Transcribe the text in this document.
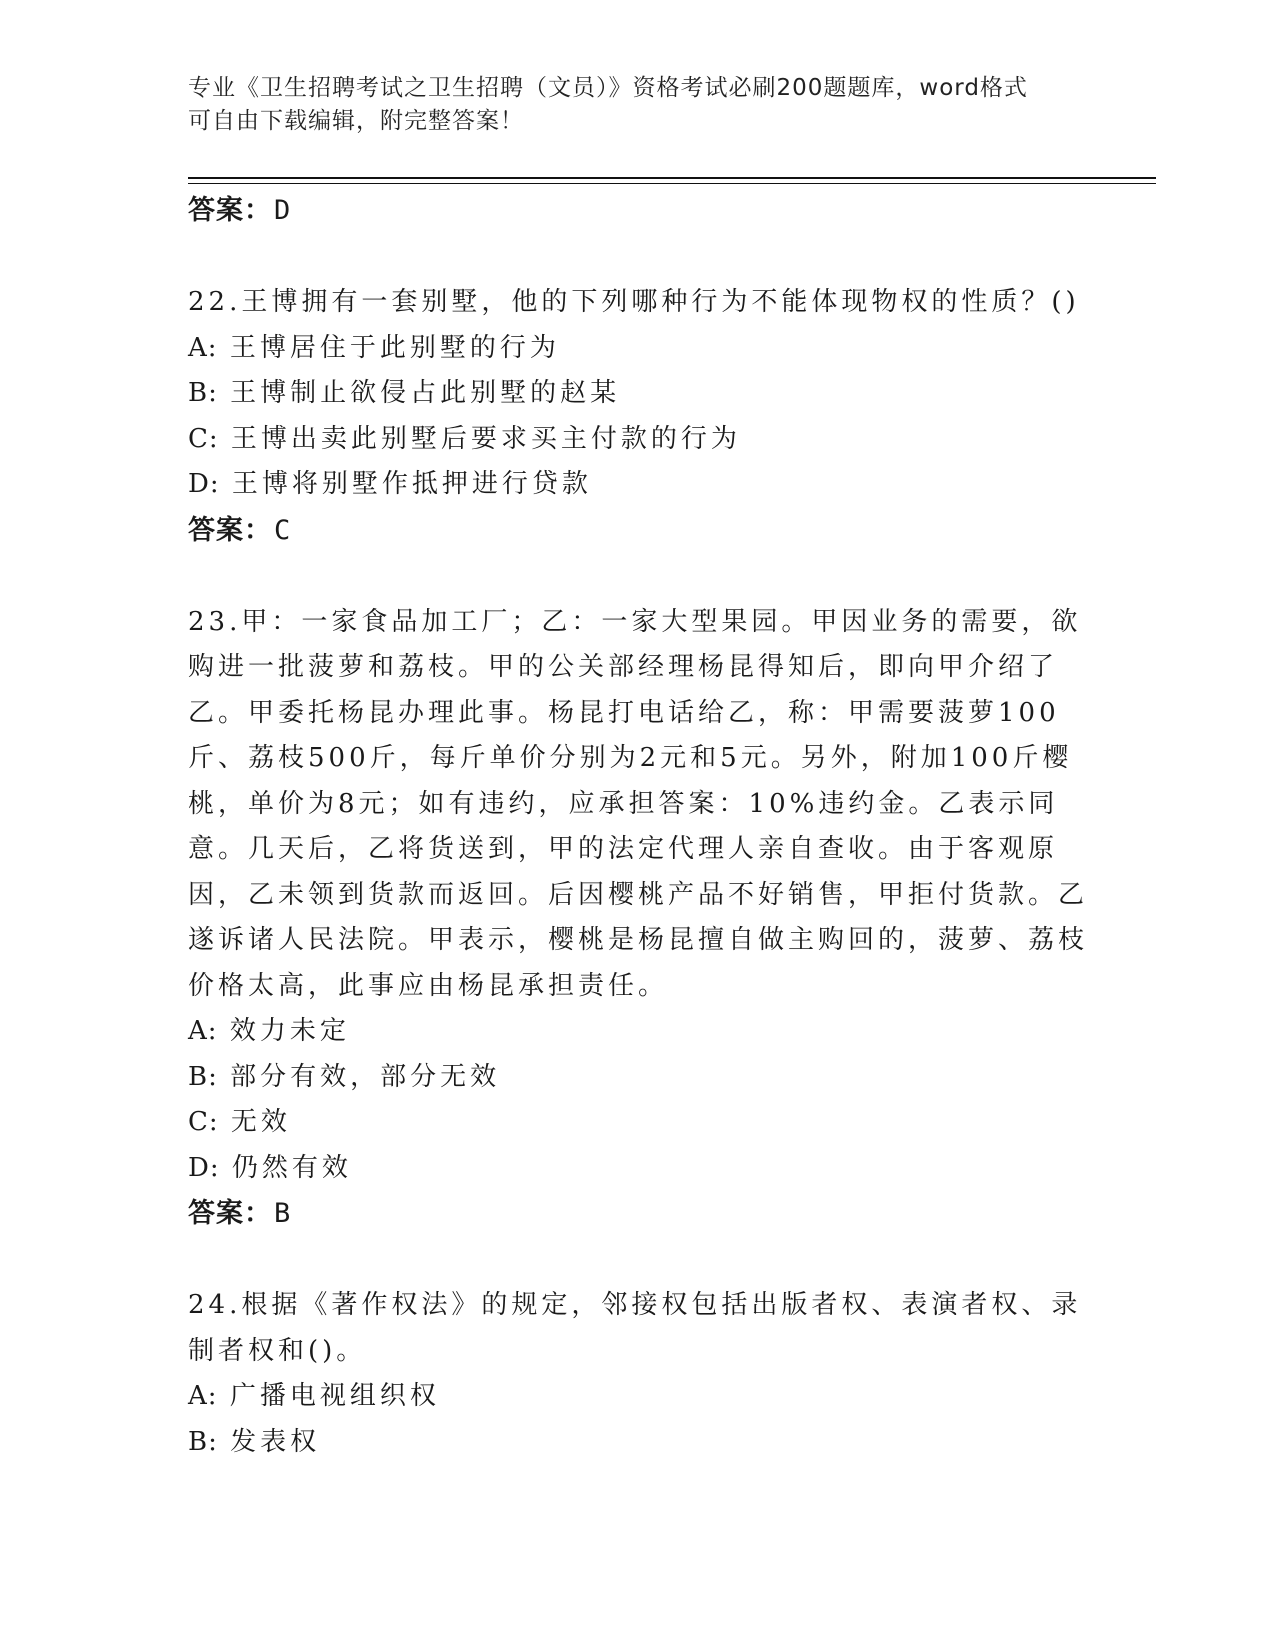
专业《卫生招聘考试之卫生招聘（文员）》资格考试必刷200题题库，word格式
可自由下载编辑，附完整答案！
答案：D

22.王博拥有一套别墅，他的下列哪种行为不能体现物权的性质？()

A: 王博居住于此别墅的行为
B: 王博制止欲侵占此别墅的赵某
C: 王博出卖此别墅后要求买主付款的行为
D: 王博将别墅作抵押进行贷款
答案：C

23.甲：一家食品加工厂；乙：一家大型果园。甲因业务的需要，欲购进一批菠萝和荔枝。甲的公关部经理杨昆得知后，即向甲介绍了乙。甲委托杨昆办理此事。杨昆打电话给乙，称：甲需要菠萝100斤、荔枝500斤，每斤单价分别为2元和5元。另外，附加100斤樱桃，单价为8元；如有违约，应承担答案：10%违约金。乙表示同意。几天后，乙将货送到，甲的法定代理人亲自查收。由于客观原因，乙未领到货款而返回。后因樱桃产品不好销售，甲拒付货款。乙遂诉诸人民法院。甲表示，樱桃是杨昆擅自做主购回的，菠萝、荔枝价格太高，此事应由杨昆承担责任。

A: 效力未定
B: 部分有效，部分无效
C: 无效
D: 仍然有效
答案：B

24.根据《著作权法》的规定，邻接权包括出版者权、表演者权、录制者权和()。

A: 广播电视组织权
B: 发表权
